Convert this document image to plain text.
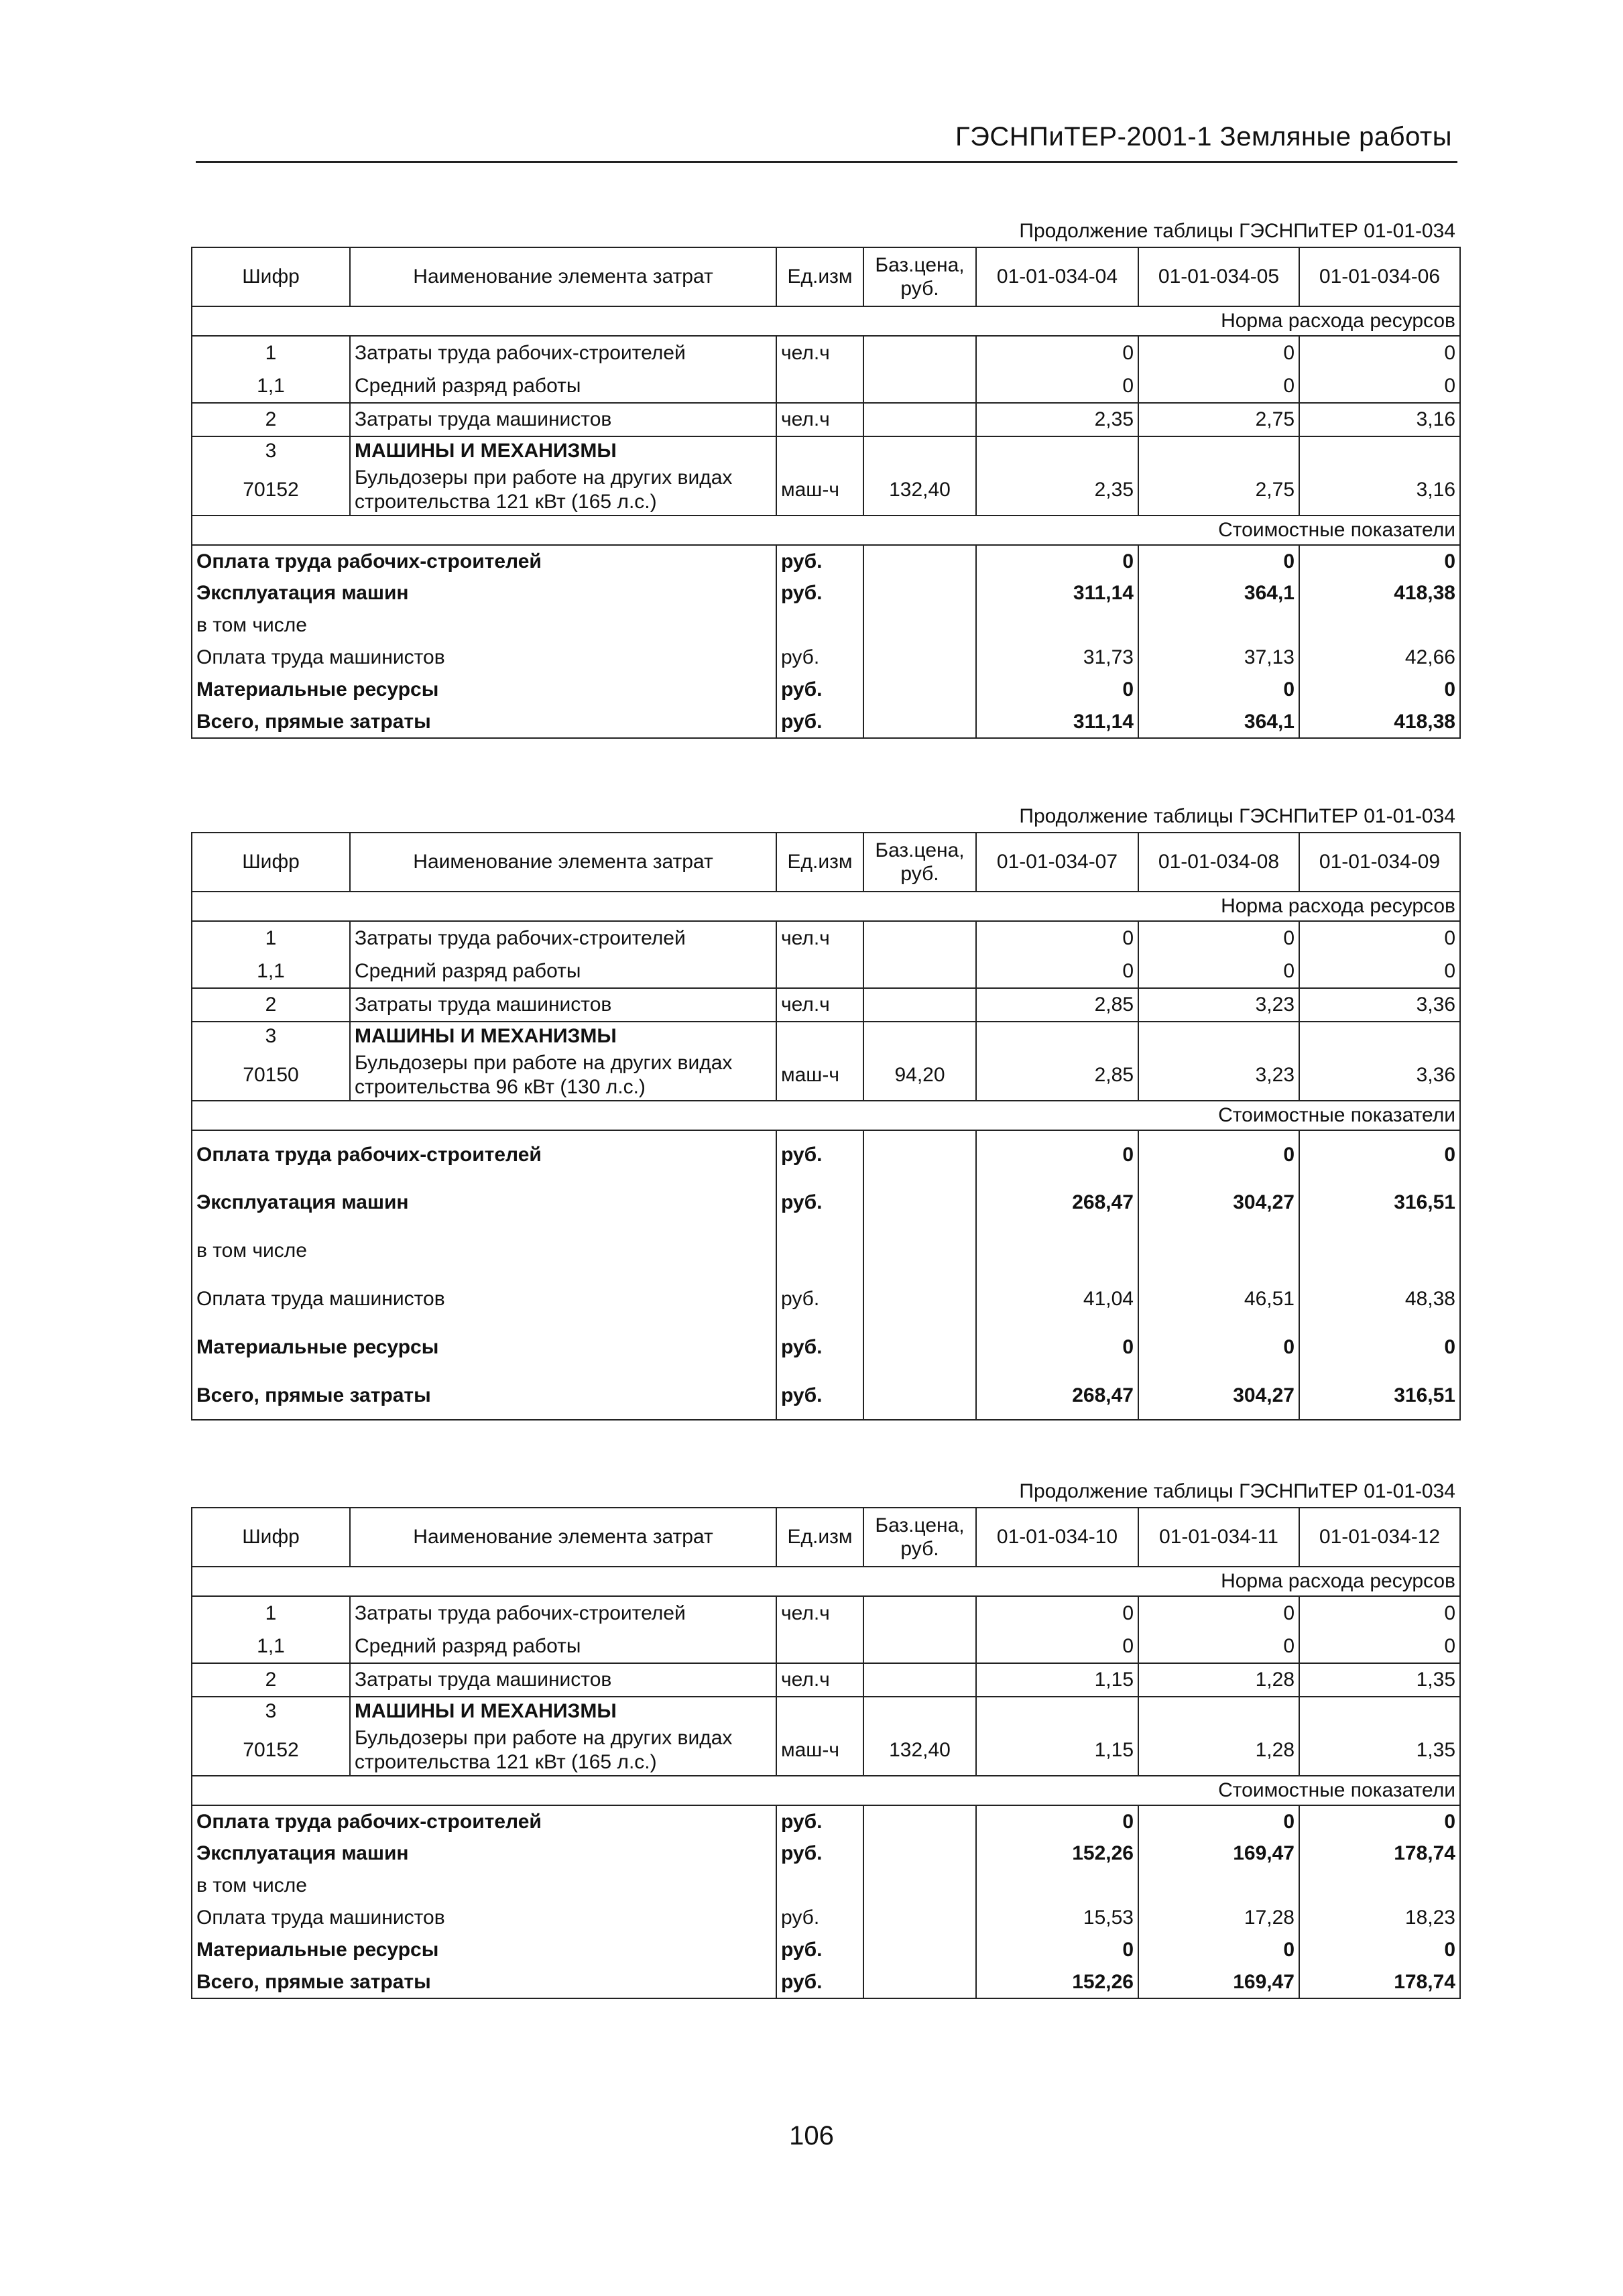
ГЭСНПиТЕР-2001-1 Земляные работы
Продолжение таблицы ГЭСНПиТЕР 01-01-034
Шифр	Наименование элемента затрат	Ед.изм	Баз.цена, руб.	01-01-034-04	01-01-034-05	01-01-034-06
Норма расхода ресурсов						
1	Затраты труда рабочих-строителей	чел.ч		0	0	0
1,1	Средний разряд работы			0	0	0
2	Затраты труда машинистов	чел.ч		2,35	2,75	3,16
3	МАШИНЫ И МЕХАНИЗМЫ					
70152	Бульдозеры при работе на других видах строительства 121 кВт (165 л.с.)	маш-ч	132,40	2,35	2,75	3,16
Стоимостные показатели						
Оплата труда рабочих-строителей		руб.		0	0	0
Эксплуатация машин		руб.		311,14	364,1	418,38
в том числе						
Оплата труда машинистов		руб.		31,73	37,13	42,66
Материальные ресурсы		руб.		0	0	0
Всего, прямые затраты		руб.		311,14	364,1	418,38
Продолжение таблицы ГЭСНПиТЕР 01-01-034
Шифр	Наименование элемента затрат	Ед.изм	Баз.цена, руб.	01-01-034-07	01-01-034-08	01-01-034-09
Норма расхода ресурсов						
1	Затраты труда рабочих-строителей	чел.ч		0	0	0
1,1	Средний разряд работы			0	0	0
2	Затраты труда машинистов	чел.ч		2,85	3,23	3,36
3	МАШИНЫ И МЕХАНИЗМЫ					
70150	Бульдозеры при работе на других видах строительства 96 кВт (130 л.с.)	маш-ч	94,20	2,85	3,23	3,36
Стоимостные показатели						
Оплата труда рабочих-строителей		руб.		0	0	0
Эксплуатация машин		руб.		268,47	304,27	316,51
в том числе						
Оплата труда машинистов		руб.		41,04	46,51	48,38
Материальные ресурсы		руб.		0	0	0
Всего, прямые затраты		руб.		268,47	304,27	316,51
Продолжение таблицы ГЭСНПиТЕР 01-01-034
Шифр	Наименование элемента затрат	Ед.изм	Баз.цена, руб.	01-01-034-10	01-01-034-11	01-01-034-12
Норма расхода ресурсов						
1	Затраты труда рабочих-строителей	чел.ч		0	0	0
1,1	Средний разряд работы			0	0	0
2	Затраты труда машинистов	чел.ч		1,15	1,28	1,35
3	МАШИНЫ И МЕХАНИЗМЫ					
70152	Бульдозеры при работе на других видах строительства 121 кВт (165 л.с.)	маш-ч	132,40	1,15	1,28	1,35
Стоимостные показатели						
Оплата труда рабочих-строителей		руб.		0	0	0
Эксплуатация машин		руб.		152,26	169,47	178,74
в том числе						
Оплата труда машинистов		руб.		15,53	17,28	18,23
Материальные ресурсы		руб.		0	0	0
Всего, прямые затраты		руб.		152,26	169,47	178,74
106
